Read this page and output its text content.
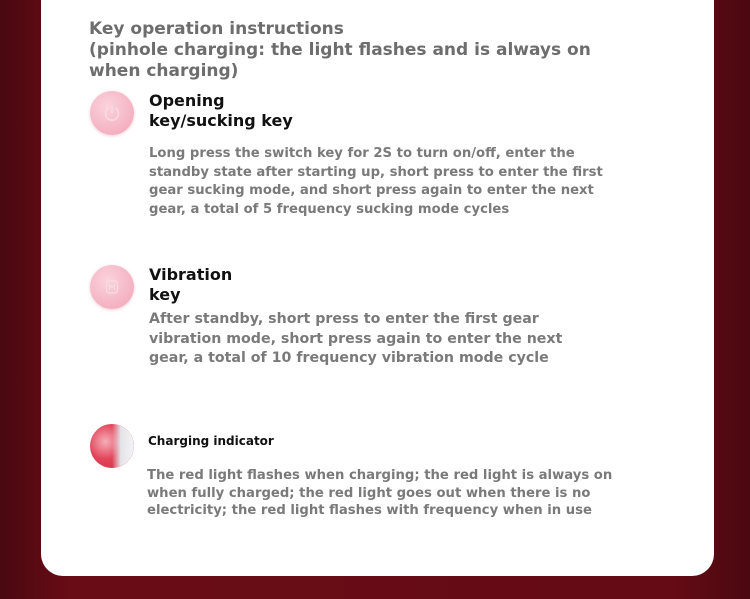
Key operation instructions
(pinhole charging: the light flashes and is always on
when charging)
Opening
key/sucking key
Long press the switch key for 2S to turn on/off, enter the
standby state after starting up, short press to enter the first
gear sucking mode, and short press again to enter the next
gear, a total of 5 frequency sucking mode cycles
Vibration
key
After standby, short press to enter the first gear
vibration mode, short press again to enter the next
gear, a total of 10 frequency vibration mode cycle
Charging indicator
The red light flashes when charging; the red light is always on
when fully charged; the red light goes out when there is no
electricity; the red light flashes with frequency when in use
